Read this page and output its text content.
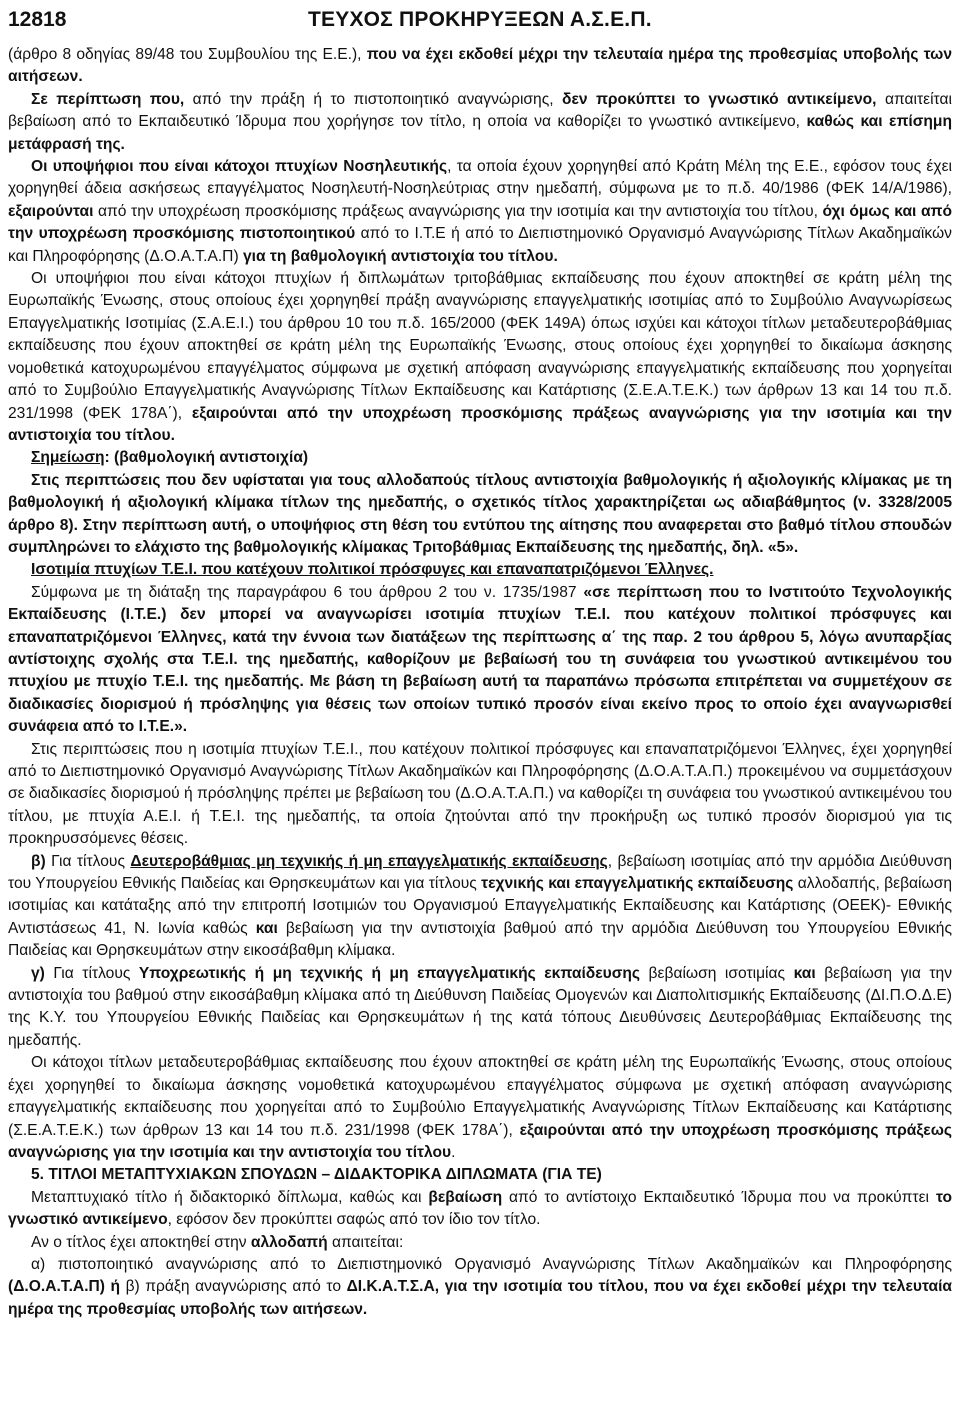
12818	ΤΕΥΧΟΣ ΠΡΟΚΗΡΥΞΕΩΝ Α.Σ.Ε.Π.

(άρθρο 8 οδηγίας 89/48 του Συμβουλίου της Ε.Ε.), που να έχει εκδοθεί μέχρι την τελευταία ημέρα της προθεσμίας υποβολής των αιτήσεων.

Σε περίπτωση που, από την πράξη ή το πιστοποιητικό αναγνώρισης, δεν προκύπτει το γνωστικό αντικείμενο, απαιτείται βεβαίωση από το Εκπαιδευτικό Ίδρυμα που χορήγησε τον τίτλο, η οποία να καθορίζει το γνωστικό αντικείμενο, καθώς και επίσημη μετάφρασή της.

Οι υποψήφιοι που είναι κάτοχοι πτυχίων Νοσηλευτικής, τα οποία έχουν χορηγηθεί από Κράτη Μέλη της Ε.Ε., εφόσον τους έχει χορηγηθεί άδεια ασκήσεως επαγγέλματος Νοσηλευτή-Νοσηλεύτριας στην ημεδαπή, σύμφωνα με το π.δ. 40/1986 (ΦΕΚ 14/Α/1986), εξαιρούνται από την υποχρέωση προσκόμισης πράξεως αναγνώρισης για την ισοτιμία και την αντιστοιχία του τίτλου, όχι όμως και από την υποχρέωση προσκόμισης πιστοποιητικού από το Ι.Τ.Ε ή από το Διεπιστημονικό Οργανισμό Αναγνώρισης Τίτλων Ακαδημαϊκών και Πληροφόρησης (Δ.Ο.Α.Τ.Α.Π) για τη βαθμολογική αντιστοιχία του τίτλου.

Οι υποψήφιοι που είναι κάτοχοι πτυχίων ή διπλωμάτων τριτοβάθμιας εκπαίδευσης που έχουν αποκτηθεί σε κράτη μέλη της Ευρωπαϊκής Ένωσης, στους οποίους έχει χορηγηθεί πράξη αναγνώρισης επαγγελματικής ισοτιμίας από το Συμβούλιο Αναγνωρίσεως Επαγγελματικής Ισοτιμίας (Σ.Α.Ε.Ι.) του άρθρου 10 του π.δ. 165/2000 (ΦΕΚ 149Α) όπως ισχύει και κάτοχοι τίτλων μεταδευτεροβάθμιας εκπαίδευσης που έχουν αποκτηθεί σε κράτη μέλη της Ευρωπαϊκής Ένωσης, στους οποίους έχει χορηγηθεί το δικαίωμα άσκησης νομοθετικά κατοχυρωμένου επαγγέλματος σύμφωνα με σχετική απόφαση αναγνώρισης επαγγελματικής εκπαίδευσης που χορηγείται από το Συμβούλιο Επαγγελματικής Αναγνώρισης Τίτλων Εκπαίδευσης και Κατάρτισης (Σ.Ε.Α.Τ.Ε.Κ.) των άρθρων 13 και 14 του π.δ. 231/1998 (ΦΕΚ 178Α΄), εξαιρούνται από την υποχρέωση προσκόμισης πράξεως αναγνώρισης για την ισοτιμία και την αντιστοιχία του τίτλου.

Σημείωση: (βαθμολογική αντιστοιχία)

Στις περιπτώσεις που δεν υφίσταται για τους αλλοδαπούς τίτλους αντιστοιχία βαθμολογικής ή αξιολογικής κλίμακας με τη βαθμολογική ή αξιολογική κλίμακα τίτλων της ημεδαπής, ο σχετικός τίτλος χαρακτηρίζεται ως αδιαβάθμητος (ν. 3328/2005 άρθρο 8). Στην περίπτωση αυτή, ο υποψήφιος στη θέση του εντύπου της αίτησης που αναφερεται στο βαθμό τίτλου σπουδών συμπληρώνει το ελάχιστο της βαθμολογικής κλίμακας Τριτοβάθμιας Εκπαίδευσης της ημεδαπής, δηλ. «5».

Ισοτιμία πτυχίων Τ.Ε.Ι. που κατέχουν πολιτικοί πρόσφυγες και επαναπατριζόμενοι Έλληνες.

Σύμφωνα με τη διάταξη της παραγράφου 6 του άρθρου 2 του ν. 1735/1987 «σε περίπτωση που το Ινστιτούτο Τεχνολογικής Εκπαίδευσης (Ι.Τ.Ε.) δεν μπορεί να αναγνωρίσει ισοτιμία πτυχίων Τ.Ε.Ι. που κατέχουν πολιτικοί πρόσφυγες και επαναπατριζόμενοι Έλληνες, κατά την έννοια των διατάξεων της περίπτωσης α΄ της παρ. 2 του άρθρου 5, λόγω ανυπαρξίας αντίστοιχης σχολής στα Τ.Ε.Ι. της ημεδαπής, καθορίζουν με βεβαίωσή του τη συνάφεια του γνωστικού αντικειμένου του πτυχίου με πτυχίο Τ.Ε.Ι. της ημεδαπής. Με βάση τη βεβαίωση αυτή τα παραπάνω πρόσωπα επιτρέπεται να συμμετέχουν σε διαδικασίες διορισμού ή πρόσληψης για θέσεις των οποίων τυπικό προσόν είναι εκείνο προς το οποίο έχει αναγνωρισθεί συνάφεια από το Ι.Τ.Ε.».

Στις περιπτώσεις που η ισοτιμία πτυχίων Τ.Ε.Ι., που κατέχουν πολιτικοί πρόσφυγες και επαναπατριζόμενοι Έλληνες, έχει χορηγηθεί από το Διεπιστημονικό Οργανισμό Αναγνώρισης Τίτλων Ακαδημαϊκών και Πληροφόρησης (Δ.Ο.Α.Τ.Α.Π.) προκειμένου να συμμετάσχουν σε διαδικασίες διορισμού ή πρόσληψης πρέπει με βεβαίωση του (Δ.Ο.Α.Τ.Α.Π.) να καθορίζει τη συνάφεια του γνωστικού αντικειμένου του τίτλου, με πτυχία Α.Ε.Ι. ή Τ.Ε.Ι. της ημεδαπής, τα οποία ζητούνται από την προκήρυξη ως τυπικό προσόν διορισμού για τις προκηρυσσόμενες θέσεις.

β) Για τίτλους Δευτεροβάθμιας μη τεχνικής ή μη επαγγελματικής εκπαίδευσης, βεβαίωση ισοτιμίας από την αρμόδια Διεύθυνση του Υπουργείου Εθνικής Παιδείας και Θρησκευμάτων και για τίτλους τεχνικής και επαγγελματικής εκπαίδευσης αλλοδαπής, βεβαίωση ισοτιμίας και κατάταξης από την επιτροπή Ισοτιμιών του Οργανισμού Επαγγελματικής Εκπαίδευσης και Κατάρτισης (ΟΕΕΚ)- Εθνικής Αντιστάσεως 41, Ν. Ιωνία καθώς και βεβαίωση για την αντιστοιχία βαθμού από την αρμόδια Διεύθυνση του Υπουργείου Εθνικής Παιδείας και Θρησκευμάτων στην εικοσάβαθμη κλίμακα.

γ) Για τίτλους Υποχρεωτικής ή μη τεχνικής ή μη επαγγελματικής εκπαίδευσης βεβαίωση ισοτιμίας και βεβαίωση για την αντιστοιχία του βαθμού στην εικοσάβαθμη κλίμακα από τη Διεύθυνση Παιδείας Ομογενών και Διαπολιτισμικής Εκπαίδευσης (ΔΙ.Π.Ο.Δ.Ε) της Κ.Υ. του Υπουργείου Εθνικής Παιδείας και Θρησκευμάτων ή της κατά τόπους Διευθύνσεις Δευτεροβάθμιας Εκπαίδευσης της ημεδαπής.

Οι κάτοχοι τίτλων μεταδευτεροβάθμιας εκπαίδευσης που έχουν αποκτηθεί σε κράτη μέλη της Ευρωπαϊκής Ένωσης, στους οποίους έχει χορηγηθεί το δικαίωμα άσκησης νομοθετικά κατοχυρωμένου επαγγέλματος σύμφωνα με σχετική απόφαση αναγνώρισης επαγγελματικής εκπαίδευσης που χορηγείται από το Συμβούλιο Επαγγελματικής Αναγνώρισης Τίτλων Εκπαίδευσης και Κατάρτισης (Σ.Ε.Α.Τ.Ε.Κ.) των άρθρων 13 και 14 του π.δ. 231/1998 (ΦΕΚ 178Α΄), εξαιρούνται από την υποχρέωση προσκόμισης πράξεως αναγνώρισης για την ισοτιμία και την αντιστοιχία του τίτλου.

5. ΤΙΤΛΟΙ ΜΕΤΑΠΤΥΧΙΑΚΩΝ ΣΠΟΥΔΩΝ – ΔΙΔΑΚΤΟΡΙΚΑ ΔΙΠΛΩΜΑΤΑ (ΓΙΑ ΤΕ)

Μεταπτυχιακό τίτλο ή διδακτορικό δίπλωμα, καθώς και βεβαίωση από το αντίστοιχο Εκπαιδευτικό Ίδρυμα που να προκύπτει το γνωστικό αντικείμενο, εφόσον δεν προκύπτει σαφώς από τον ίδιο τον τίτλο.

Αν ο τίτλος έχει αποκτηθεί στην αλλοδαπή απαιτείται:

α) πιστοποιητικό αναγνώρισης από το Διεπιστημονικό Οργανισμό Αναγνώρισης Τίτλων Ακαδημαϊκών και Πληροφόρησης (Δ.Ο.Α.Τ.Α.Π) ή β) πράξη αναγνώρισης από το ΔΙ.Κ.Α.Τ.Σ.Α, για την ισοτιμία του τίτλου, που να έχει εκδοθεί μέχρι την τελευταία ημέρα της προθεσμίας υποβολής των αιτήσεων.
